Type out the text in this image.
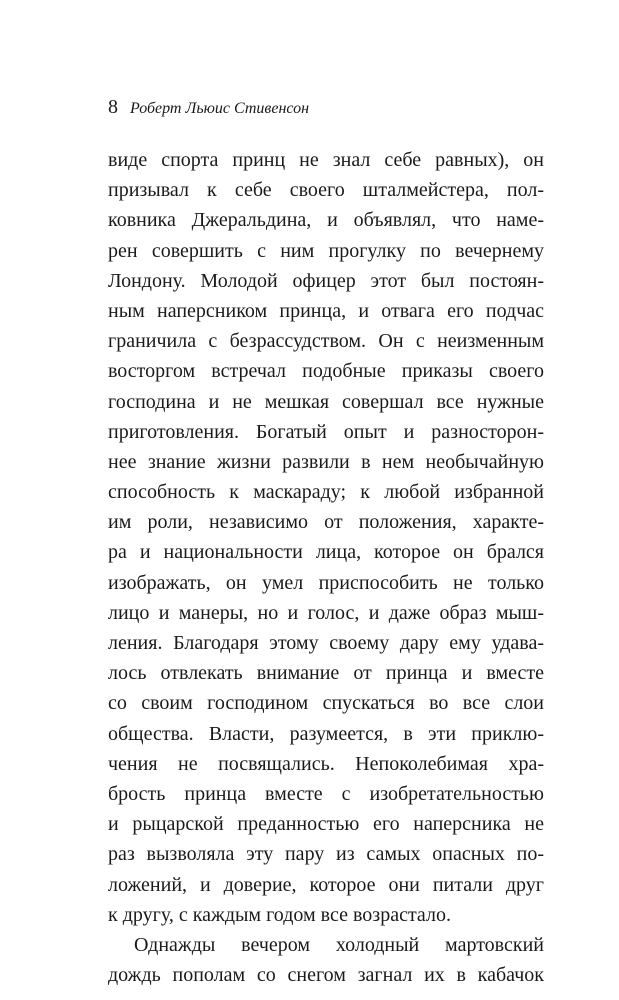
8 Роберт Льюис Стивенсон
виде спорта принц не знал себе равных), он
призывал к себе своего шталмейстера, пол-
ковника Джеральдина, и объявлял, что наме-
рен совершить с ним прогулку по вечернему
Лондону. Молодой офицер этот был постоян-
ным наперсником принца, и отвага его подчас
граничила с безрассудством. Он с неизменным
восторгом встречал подобные приказы своего
господина и не мешкая совершал все нужные
приготовления. Богатый опыт и разносторон-
нее знание жизни развили в нем необычайную
способность к маскараду; к любой избранной
им роли, независимо от положения, характе-
ра и национальности лица, которое он брался
изображать, он умел приспособить не только
лицо и манеры, но и голос, и даже образ мыш-
ления. Благодаря этому своему дару ему удава-
лось отвлекать внимание от принца и вместе
со своим господином спускаться во все слои
общества. Власти, разумеется, в эти приклю-
чения не посвящались. Непоколебимая хра-
брость принца вместе с изобретательностью
и рыцарской преданностью его наперсника не
раз вызволяла эту пару из самых опасных по-
ложений, и доверие, которое они питали друг
к другу, с каждым годом все возрастало.
Однажды вечером холодный мартовский
дождь пополам со снегом загнал их в кабачок
